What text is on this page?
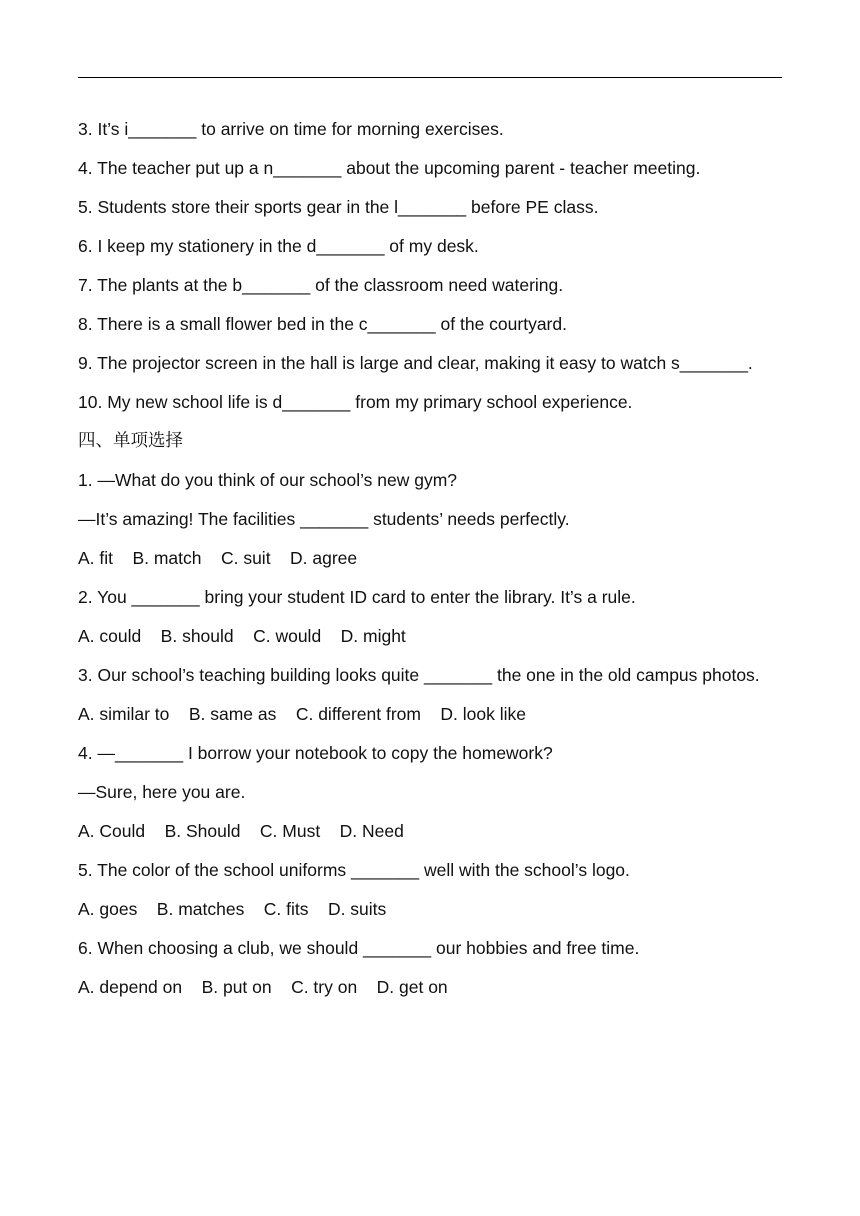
3. It’s i_______ to arrive on time for morning exercises.
4. The teacher put up a n_______ about the upcoming parent - teacher meeting.
5. Students store their sports gear in the l_______ before PE class.
6. I keep my stationery in the d_______ of my desk.
7. The plants at the b_______ of the classroom need watering.
8. There is a small flower bed in the c_______ of the courtyard.
9. The projector screen in the hall is large and clear, making it easy to watch s_______.
10. My new school life is d_______ from my primary school experience.
四、单项选择
1. —What do you think of our school’s new gym?
—It’s amazing! The facilities _______ students’ needs perfectly.
A. fit    B. match    C. suit    D. agree
2. You _______ bring your student ID card to enter the library. It’s a rule.
A. could    B. should    C. would    D. might
3. Our school’s teaching building looks quite _______ the one in the old campus photos.
A. similar to    B. same as    C. different from    D. look like
4. —_______ I borrow your notebook to copy the homework?
—Sure, here you are.
A. Could    B. Should    C. Must    D. Need
5. The color of the school uniforms _______ well with the school’s logo.
A. goes    B. matches    C. fits    D. suits
6. When choosing a club, we should _______ our hobbies and free time.
A. depend on    B. put on    C. try on    D. get on
